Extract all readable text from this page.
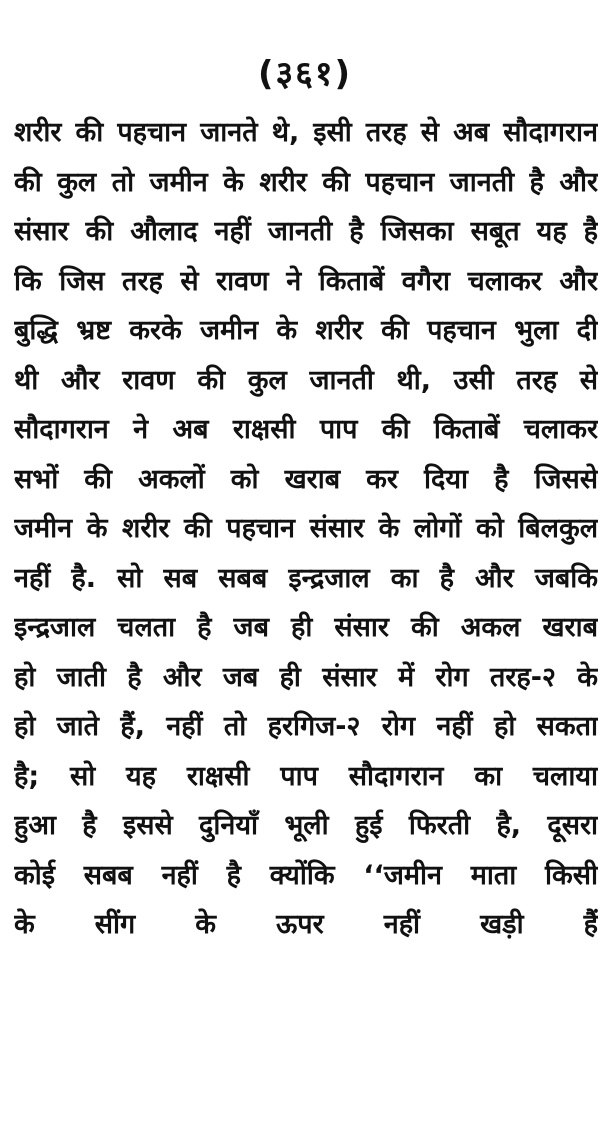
(३६१)
शरीर की पहचान जानते थे, इसी तरह से अब सौदागरान
की कुल तो जमीन के शरीर की पहचान जानती है और
संसार की औलाद नहीं जानती है जिसका सबूत यह है
कि जिस तरह से रावण ने किताबें वगैरा चलाकर और
बुद्धि भ्रष्ट करके जमीन के शरीर की पहचान भुला दी
थी और रावण की कुल जानती थी, उसी तरह से
सौदागरान ने अब राक्षसी पाप की किताबें चलाकर
सभों की अकलों को खराब कर दिया है जिससे
जमीन के शरीर की पहचान संसार के लोगों को बिलकुल
नहीं है. सो सब सबब इन्द्रजाल का है और जबकि
इन्द्रजाल चलता है जब ही संसार की अकल खराब
हो जाती है और जब ही संसार में रोग तरह-२ के
हो जाते हैं, नहीं तो हरगिज-२ रोग नहीं हो सकता
है; सो यह राक्षसी पाप सौदागरान का चलाया
हुआ है इससे दुनियाँ भूली हुई फिरती है, दूसरा
कोई सबब नहीं है क्योंकि ‘‘जमीन माता किसी
के सींग के ऊपर नहीं खड़ी हैं
